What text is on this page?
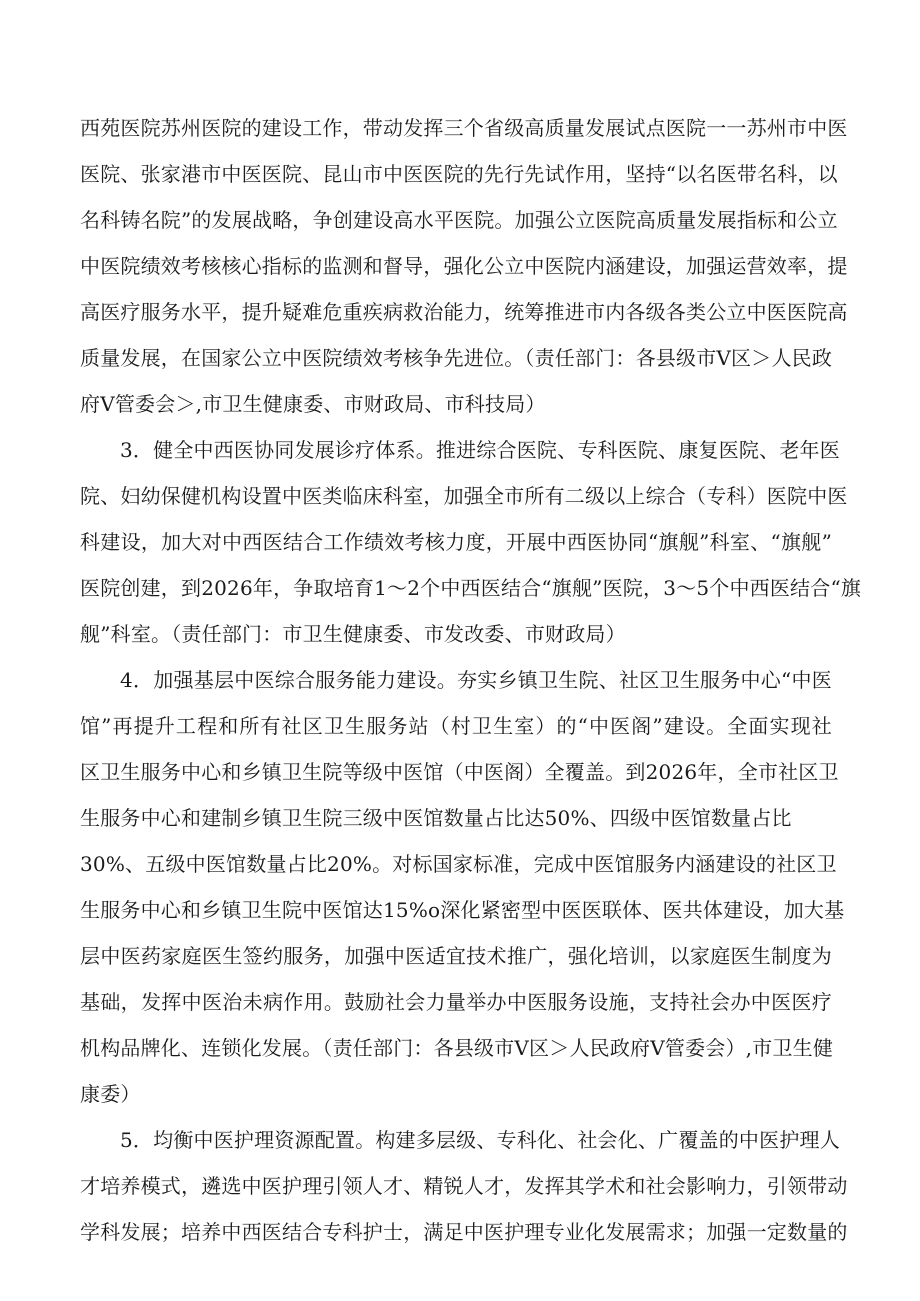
西苑医院苏州医院的建设工作，带动发挥三个省级高质量发展试点医院一一苏州市中医
医院、张家港市中医医院、昆山市中医医院的先行先试作用，坚持“以名医带名科，以
名科铸名院”的发展战略，争创建设高水平医院。加强公立医院高质量发展指标和公立
中医院绩效考核核心指标的监测和督导，强化公立中医院内涵建设，加强运营效率，提
高医疗服务水平，提升疑难危重疾病救治能力，统筹推进市内各级各类公立中医医院高
质量发展，在国家公立中医院绩效考核争先进位。（责任部门：各县级市V区＞人民政
府V管委会＞,市卫生健康委、市财政局、市科技局）
3．健全中西医协同发展诊疗体系。推进综合医院、专科医院、康复医院、老年医
院、妇幼保健机构设置中医类临床科室，加强全市所有二级以上综合（专科）医院中医
科建设，加大对中西医结合工作绩效考核力度，开展中西医协同“旗舰”科室、“旗舰”
医院创建，到2026年，争取培育1～2个中西医结合“旗舰”医院，3～5个中西医结合“旗
舰”科室。（责任部门：市卫生健康委、市发改委、市财政局）
4．加强基层中医综合服务能力建设。夯实乡镇卫生院、社区卫生服务中心“中医
馆”再提升工程和所有社区卫生服务站（村卫生室）的“中医阁”建设。全面实现社
区卫生服务中心和乡镇卫生院等级中医馆（中医阁）全覆盖。到2026年，全市社区卫
生服务中心和建制乡镇卫生院三级中医馆数量占比达50%、四级中医馆数量占比
30%、五级中医馆数量占比20%。对标国家标准，完成中医馆服务内涵建设的社区卫
生服务中心和乡镇卫生院中医馆达15%o深化紧密型中医医联体、医共体建设，加大基
层中医药家庭医生签约服务，加强中医适宜技术推广，强化培训，以家庭医生制度为
基础，发挥中医治未病作用。鼓励社会力量举办中医服务设施，支持社会办中医医疗
机构品牌化、连锁化发展。（责任部门：各县级市V区＞人民政府V管委会）,市卫生健
康委）
5．均衡中医护理资源配置。构建多层级、专科化、社会化、广覆盖的中医护理人
才培养模式，遴选中医护理引领人才、精锐人才，发挥其学术和社会影响力，引领带动
学科发展；培养中西医结合专科护士，满足中医护理专业化发展需求；加强一定数量的
